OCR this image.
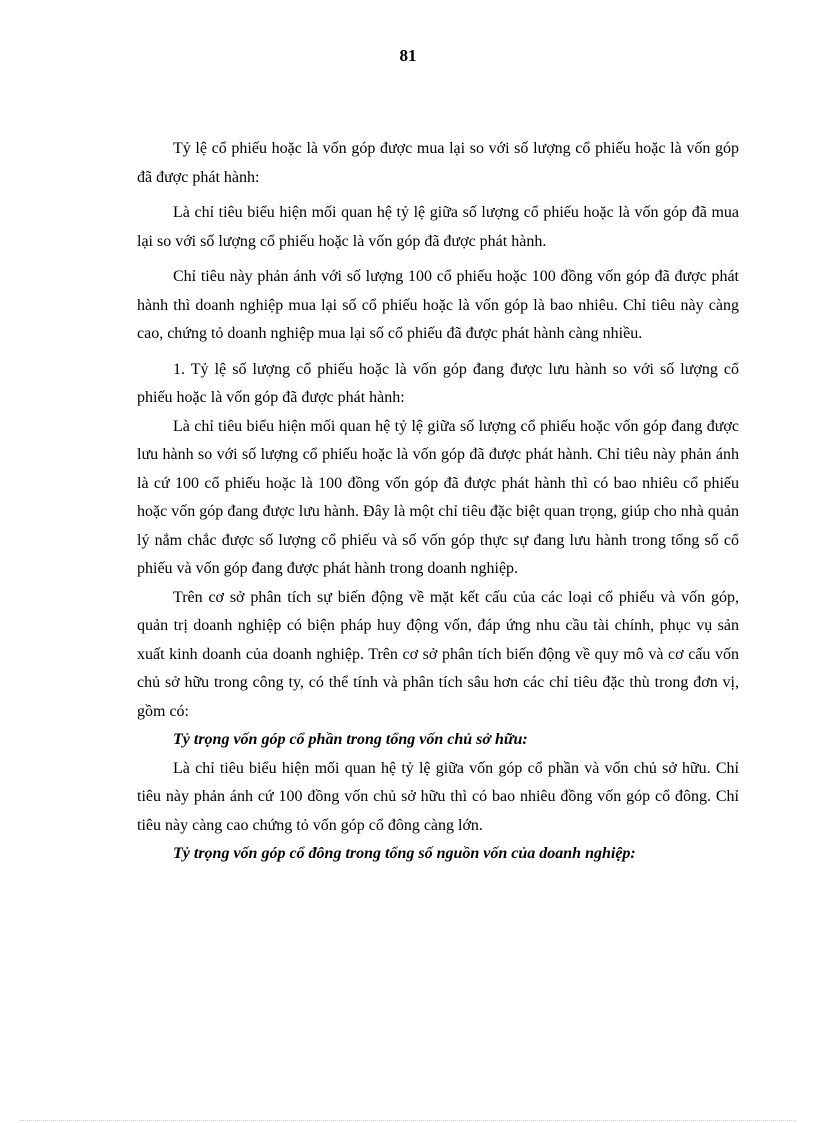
81

Tỷ lệ cổ phiếu hoặc là vốn góp được mua lại so với số lượng cổ phiếu hoặc là vốn góp đã được phát hành:

Là chỉ tiêu biểu hiện mối quan hệ tỷ lệ giữa số lượng cổ phiếu hoặc là vốn góp đã mua lại so với số lượng cổ phiếu hoặc là vốn góp đã được phát hành.

Chỉ tiêu này phản ánh với số lượng 100 cổ phiếu hoặc 100 đồng vốn góp đã được phát hành thì doanh nghiệp mua lại số cổ phiếu hoặc là vốn góp là bao nhiêu. Chỉ tiêu này càng cao, chứng tỏ doanh nghiệp mua lại số cổ phiếu đã được phát hành càng nhiều.

1. Tỷ lệ số lượng cổ phiếu hoặc là vốn góp đang được lưu hành so với số lượng cổ phiếu hoặc là vốn góp đã được phát hành:

Là chỉ tiêu biểu hiện mối quan hệ tỷ lệ giữa số lượng cổ phiếu hoặc vốn góp đang được lưu hành so với số lượng cổ phiếu hoặc là vốn góp đã được phát hành. Chỉ tiêu này phản ánh là cứ 100 cổ phiếu hoặc là 100 đồng vốn góp đã được phát hành thì có bao nhiêu cổ phiếu hoặc vốn góp đang được lưu hành. Đây là một chỉ tiêu đặc biệt quan trọng, giúp cho nhà quản lý nắm chắc được số lượng cổ phiếu và số vốn góp thực sự đang lưu hành trong tổng số cổ phiếu và vốn góp đang được phát hành trong doanh nghiệp.

Trên cơ sở phân tích sự biến động về mặt kết cấu của các loại cổ phiếu và vốn góp, quản trị doanh nghiệp có biện pháp huy động vốn, đáp ứng nhu cầu tài chính, phục vụ sản xuất kinh doanh của doanh nghiệp. Trên cơ sở phân tích biến động về quy mô và cơ cấu vốn chủ sở hữu trong công ty, có thể tính và phân tích sâu hơn các chỉ tiêu đặc thù trong đơn vị, gồm có:

Tỷ trọng vốn góp cổ phần trong tổng vốn chủ sở hữu:

Là chỉ tiêu biểu hiện mối quan hệ tỷ lệ giữa vốn góp cổ phần và vốn chủ sở hữu. Chỉ tiêu này phản ánh cứ 100 đồng vốn chủ sở hữu thì có bao nhiêu đồng vốn góp cổ đông. Chỉ tiêu này càng cao chứng tỏ vốn góp cổ đông càng lớn.

Tỷ trọng vốn góp cổ đông trong tổng số nguồn vốn của doanh nghiệp:
